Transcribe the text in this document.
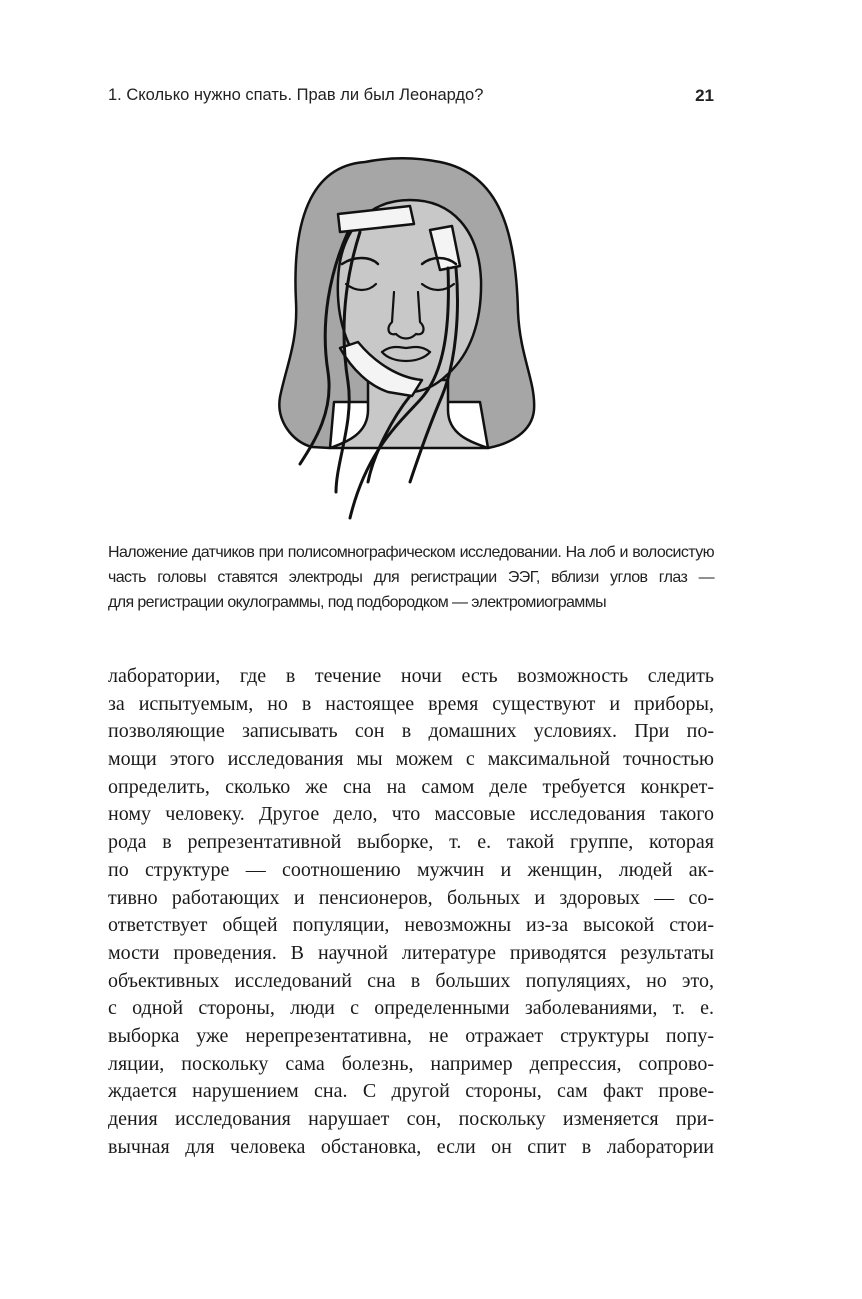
1. Сколько нужно спать. Прав ли был Леонардо?	21
Наложение датчиков при полисомнографическом исследовании. На лоб и волосистую
часть головы ставятся электроды для регистрации ЭЭГ, вблизи углов глаз —
для регистрации окулограммы, под подбородком — электромиограммы
лаборатории, где в течение ночи есть возможность следить
за испытуемым, но в настоящее время существуют и приборы,
позволяющие записывать сон в домашних условиях. При по-
мощи этого исследования мы можем с максимальной точностью
определить, сколько же сна на самом деле требуется конкрет-
ному человеку. Другое дело, что массовые исследования такого
рода в репрезентативной выборке, т. е. такой группе, которая
по структуре — соотношению мужчин и женщин, людей ак-
тивно работающих и пенсионеров, больных и здоровых — со-
ответствует общей популяции, невозможны из-за высокой стои-
мости проведения. В научной литературе приводятся результаты
объективных исследований сна в больших популяциях, но это,
с одной стороны, люди с определенными заболеваниями, т. е.
выборка уже нерепрезентативна, не отражает структуры попу-
ляции, поскольку сама болезнь, например депрессия, сопрово-
ждается нарушением сна. С другой стороны, сам факт прове-
дения исследования нарушает сон, поскольку изменяется при-
вычная для человека обстановка, если он спит в лаборатории
